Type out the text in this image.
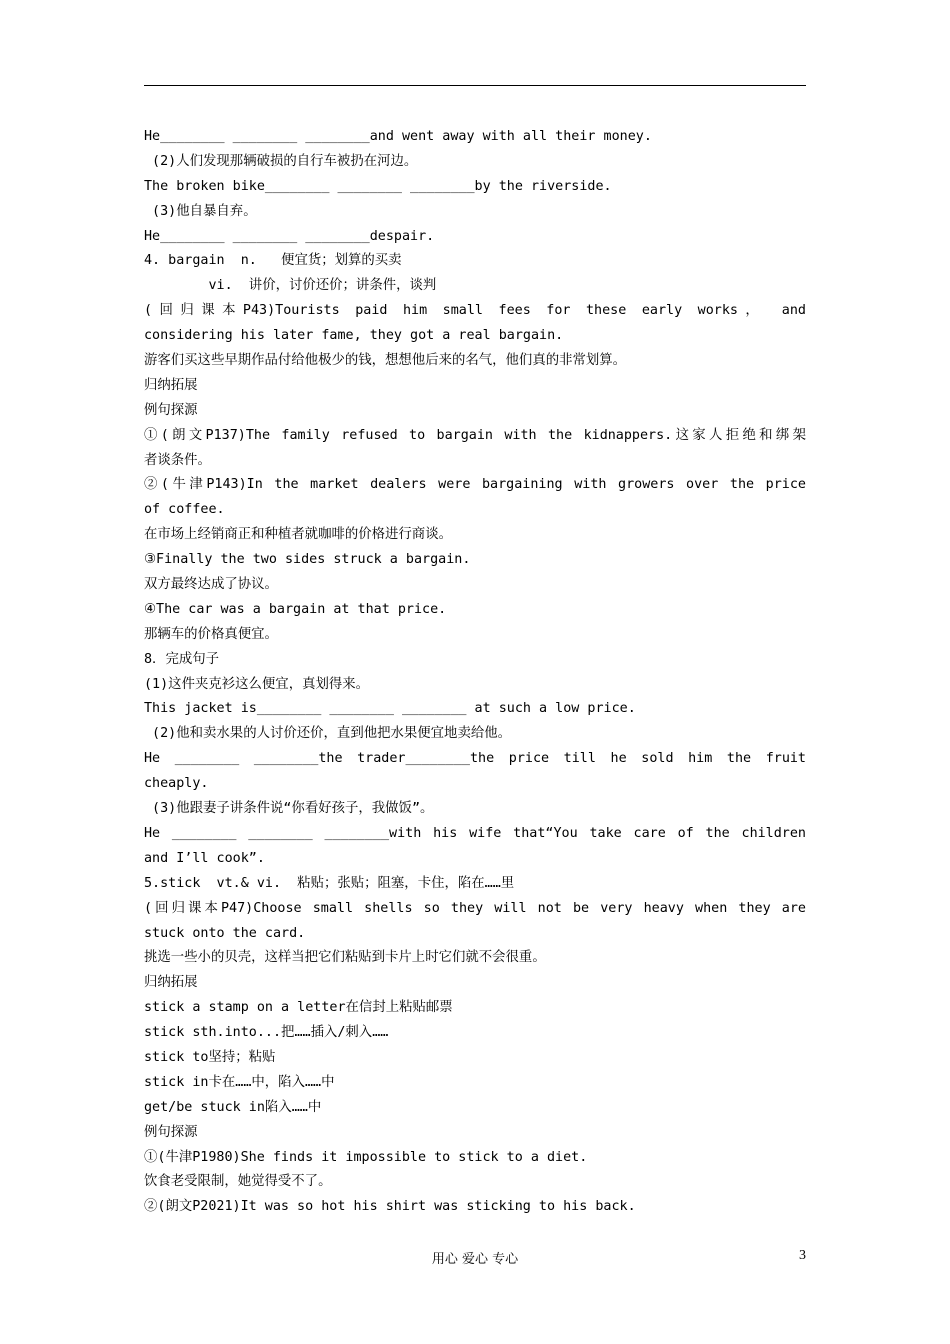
He________ ________ ________and went away with all their money.
(2)人们发现那辆破损的自行车被扔在河边。
The broken bike________ ________ ________by the riverside.
(3)他自暴自弃。
He________ ________ ________despair.
4. bargain  n.   便宜货；划算的买卖
vi.  讲价，讨价还价；讲条件，谈判
(回归课本P43)Tourists paid him small fees for these early works， and
considering his later fame, they got a real bargain.
游客们买这些早期作品付给他极少的钱，想想他后来的名气，他们真的非常划算。
归纳拓展
例句探源
①(朗文P137)The family refused to bargain with the kidnappers.这家人拒绝和绑架
者谈条件。
②(牛津P143)In the market dealers were bargaining with growers over the price
of coffee.
在市场上经销商正和种植者就咖啡的价格进行商谈。
③Finally the two sides struck a bargain.
双方最终达成了协议。
④The car was a bargain at that price.
那辆车的价格真便宜。
8．完成句子
(1)这件夹克衫这么便宜，真划得来。
This jacket is________ ________ ________ at such a low price.
(2)他和卖水果的人讨价还价，直到他把水果便宜地卖给他。
He ________ ________the trader________the price till he sold him the fruit
cheaply.
(3)他跟妻子讲条件说“你看好孩子，我做饭”。
He ________ ________ ________with his wife that“You take care of the children
and I’ll cook”.
5.stick  vt.& vi.  粘贴；张贴；阻塞，卡住，陷在……里
(回归课本P47)Choose small shells so they will not be very heavy when they are
stuck onto the card.
挑选一些小的贝壳，这样当把它们粘贴到卡片上时它们就不会很重。
归纳拓展
stick a stamp on a letter在信封上粘贴邮票
stick sth.into...把……插入/刺入……
stick to坚持；粘贴
stick in卡在……中，陷入……中
get/be stuck in陷入……中
例句探源
①(牛津P1980)She finds it impossible to stick to a diet.
饮食老受限制，她觉得受不了。
②(朗文P2021)It was so hot his shirt was sticking to his back.
用心 爱心 专心	3
